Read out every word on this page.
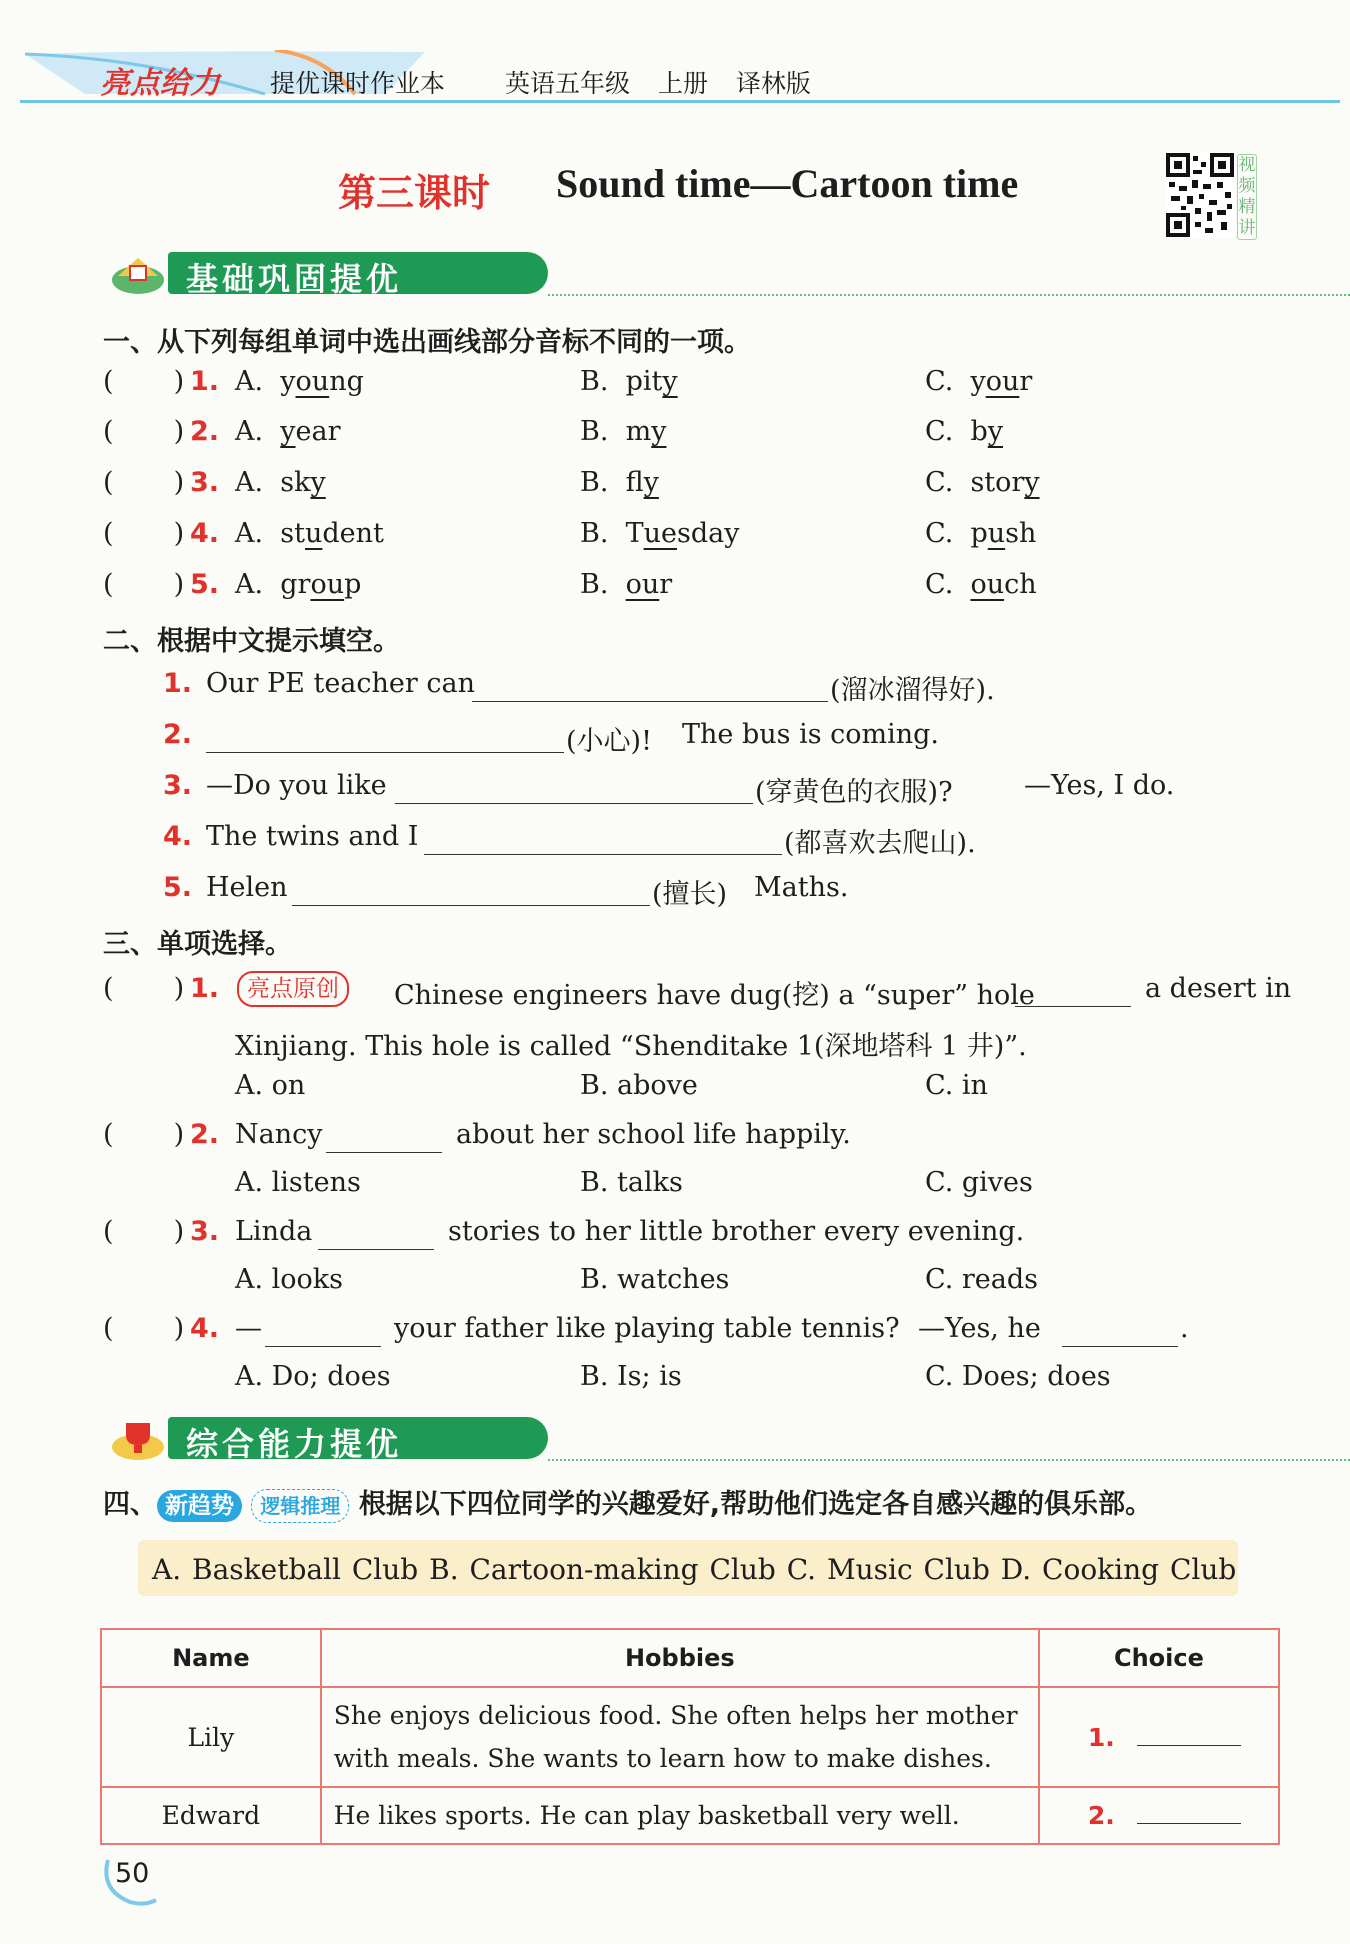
亮点给力 提优课时作业本 英语五年级 上册 译林版
第三课时 Sound time—Cartoon time	视频精讲
基础巩固提优
一、从下列每组单词中选出画线部分音标不同的一项。
(       ) 1. A. young	B. pity	C. your
(       ) 2. A. year	B. my	C. by
(       ) 3. A. sky	B. fly	C. story
(       ) 4. A. student	B. Tuesday	C. push
(       ) 5. A. group	B. our	C. ouch
二、根据中文提示填空。
1. Our PE teacher can	(溜冰溜得好).
2.	(小心)! The bus is coming.
3. —Do you like	(穿黄色的衣服)?	—Yes, I do.
4. The twins and I	(都喜欢去爬山).
5. Helen	(擅长) Maths.
三、单项选择。
(       ) 1.	亮点原创	Chinese engineers have dug(挖) a “super” hole	a desert in
Xinjiang. This hole is called “Shenditake 1(深地塔科 1 井)”.
A. on	B. above	C. in
(       ) 2. Nancy	about her school life happily.
A. listens	B. talks	C. gives
(       ) 3. Linda	stories to her little brother every evening.
A. looks	B. watches	C. reads
(       ) 4. —	your father like playing table tennis? —Yes, he	.
A. Do; does	B. Is; is	C. Does; does
综合能力提优
四、 新趋势 逻辑推理 根据以下四位同学的兴趣爱好,帮助他们选定各自感兴趣的俱乐部。
A. Basketball Club B. Cartoon-making Club C. Music Club D. Cooking Club
Name	Hobbies	Choice
Lily	She enjoys delicious food. She often helps her mother with meals. She wants to learn how to make dishes.	1.
Edward	He likes sports. He can play basketball very well.	2.
50
